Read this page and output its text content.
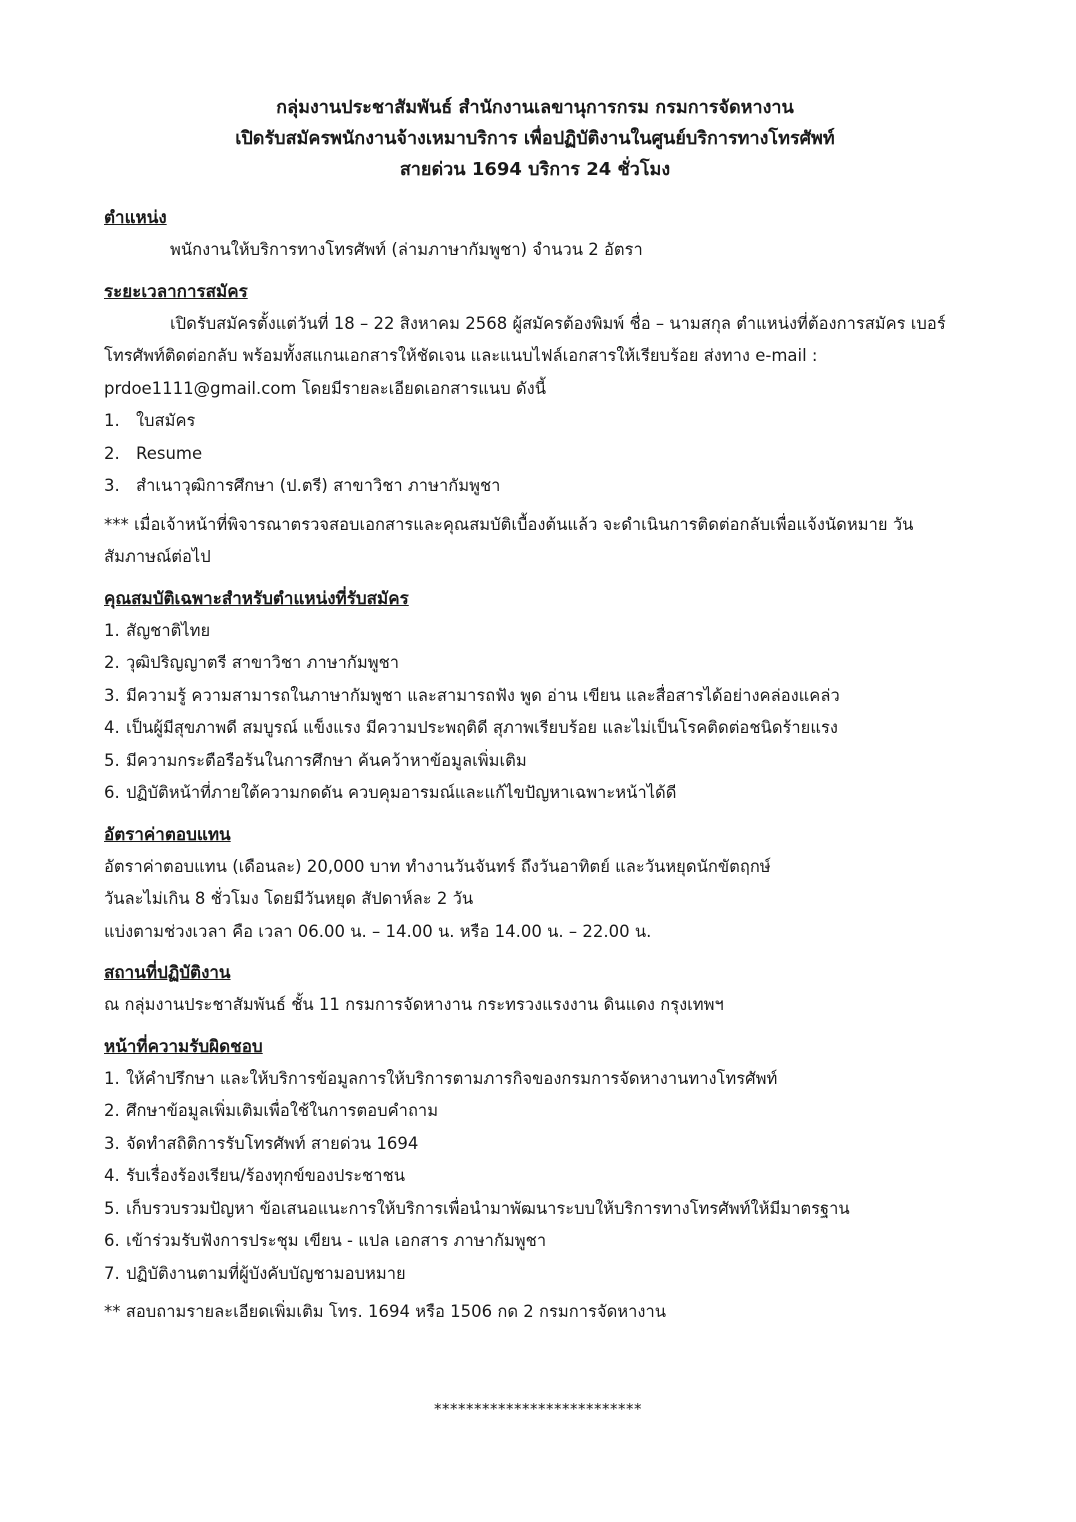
กลุ่มงานประชาสัมพันธ์ สำนักงานเลขานุการกรม กรมการจัดหางาน
เปิดรับสมัครพนักงานจ้างเหมาบริการ เพื่อปฏิบัติงานในศูนย์บริการทางโทรศัพท์
สายด่วน 1694 บริการ 24 ชั่วโมง
ตำแหน่ง
พนักงานให้บริการทางโทรศัพท์ (ล่ามภาษากัมพูชา) จำนวน 2 อัตรา
ระยะเวลาการสมัคร
เปิดรับสมัครตั้งแต่วันที่ 18 – 22 สิงหาคม 2568 ผู้สมัครต้องพิมพ์ ชื่อ – นามสกุล ตำแหน่งที่ต้องการสมัคร เบอร์โทรศัพท์ติดต่อกลับ พร้อมทั้งสแกนเอกสารให้ชัดเจน และแนบไฟล์เอกสารให้เรียบร้อย ส่งทาง e-mail : prdoe1111@gmail.com โดยมีรายละเอียดเอกสารแนบ ดังนี้
1. ใบสมัคร
2. Resume
3. สำเนาวุฒิการศึกษา (ป.ตรี) สาขาวิชา ภาษากัมพูชา
*** เมื่อเจ้าหน้าที่พิจารณาตรวจสอบเอกสารและคุณสมบัติเบื้องต้นแล้ว จะดำเนินการติดต่อกลับเพื่อแจ้งนัดหมาย วันสัมภาษณ์ต่อไป
คุณสมบัติเฉพาะสำหรับตำแหน่งที่รับสมัคร
1. สัญชาติไทย
2. วุฒิปริญญาตรี สาขาวิชา ภาษากัมพูชา
3. มีความรู้ ความสามารถในภาษากัมพูชา และสามารถฟัง พูด อ่าน เขียน และสื่อสารได้อย่างคล่องแคล่ว
4. เป็นผู้มีสุขภาพดี สมบูรณ์ แข็งแรง มีความประพฤติดี สุภาพเรียบร้อย และไม่เป็นโรคติดต่อชนิดร้ายแรง
5. มีความกระตือรือร้นในการศึกษา ค้นคว้าหาข้อมูลเพิ่มเติม
6. ปฏิบัติหน้าที่ภายใต้ความกดดัน ควบคุมอารมณ์และแก้ไขปัญหาเฉพาะหน้าได้ดี
อัตราค่าตอบแทน
อัตราค่าตอบแทน (เดือนละ) 20,000 บาท ทำงานวันจันทร์ ถึงวันอาทิตย์ และวันหยุดนักขัตฤกษ์
วันละไม่เกิน 8 ชั่วโมง โดยมีวันหยุด สัปดาห์ละ 2 วัน
แบ่งตามช่วงเวลา คือ เวลา 06.00 น. – 14.00 น. หรือ 14.00 น. – 22.00 น.
สถานที่ปฏิบัติงาน
ณ กลุ่มงานประชาสัมพันธ์ ชั้น 11 กรมการจัดหางาน กระทรวงแรงงาน ดินแดง กรุงเทพฯ
หน้าที่ความรับผิดชอบ
1. ให้คำปรึกษา และให้บริการข้อมูลการให้บริการตามภารกิจของกรมการจัดหางานทางโทรศัพท์
2. ศึกษาข้อมูลเพิ่มเติมเพื่อใช้ในการตอบคำถาม
3. จัดทำสถิติการรับโทรศัพท์ สายด่วน 1694
4. รับเรื่องร้องเรียน/ร้องทุกข์ของประชาชน
5. เก็บรวบรวมปัญหา ข้อเสนอแนะการให้บริการเพื่อนำมาพัฒนาระบบให้บริการทางโทรศัพท์ให้มีมาตรฐาน
6. เข้าร่วมรับฟังการประชุม เขียน - แปล เอกสาร ภาษากัมพูชา
7. ปฏิบัติงานตามที่ผู้บังคับบัญชามอบหมาย
** สอบถามรายละเอียดเพิ่มเติม โทร. 1694 หรือ 1506 กด 2 กรมการจัดหางาน
**************************
